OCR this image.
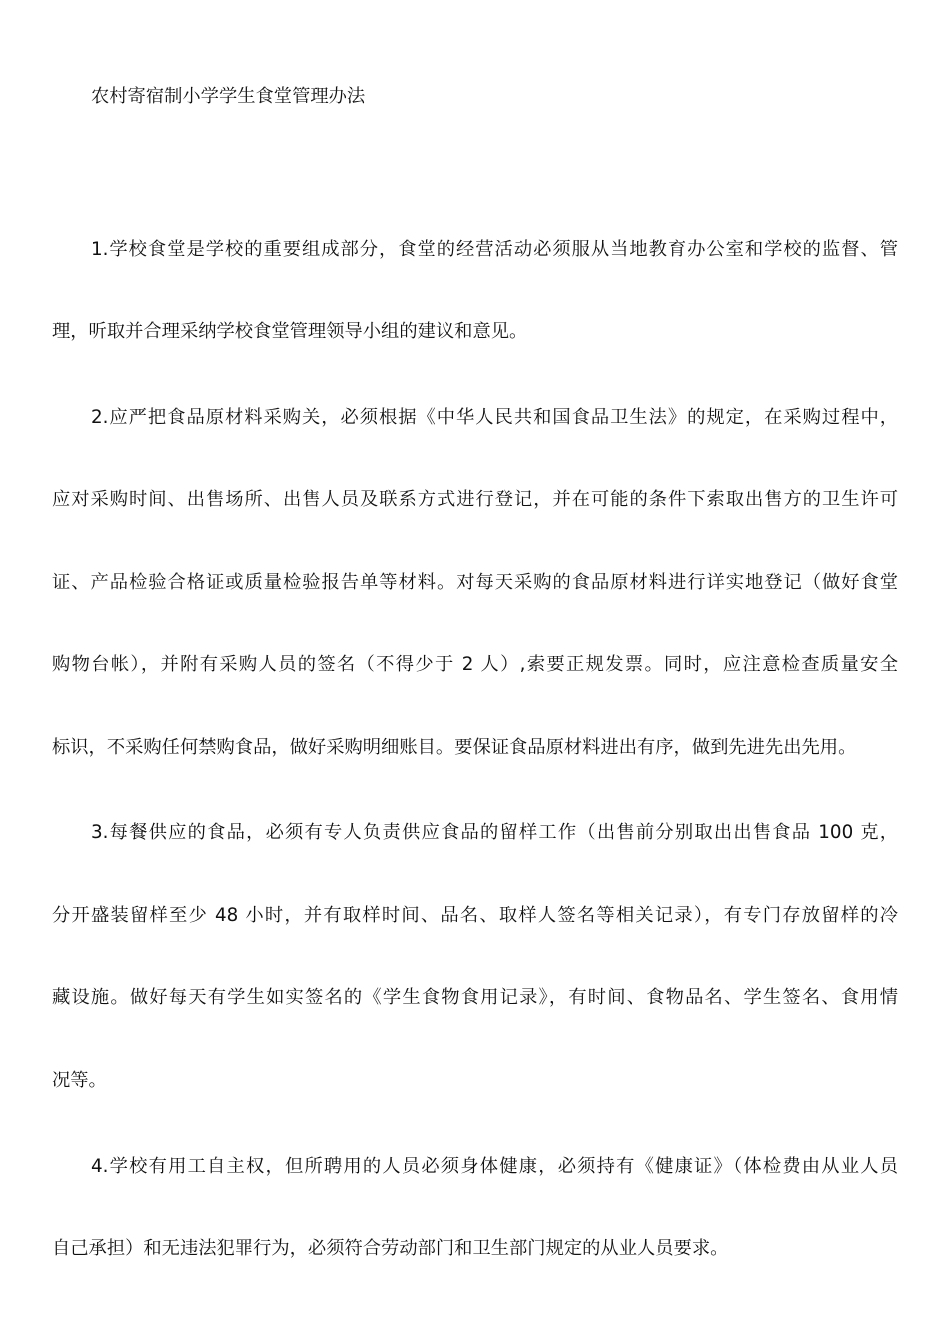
农村寄宿制小学学生食堂管理办法
1.学校食堂是学校的重要组成部分，食堂的经营活动必须服从当地教育办公室和学校的监督、管
理，听取并合理采纳学校食堂管理领导小组的建议和意见。
2.应严把食品原材料采购关，必须根据《中华人民共和国食品卫生法》的规定，在采购过程中，
应对采购时间、出售场所、出售人员及联系方式进行登记，并在可能的条件下索取出售方的卫生许可
证、产品检验合格证或质量检验报告单等材料。对每天采购的食品原材料进行详实地登记（做好食堂
购物台帐），并附有采购人员的签名（不得少于 2 人）,索要正规发票。同时，应注意检查质量安全
标识，不采购任何禁购食品，做好采购明细账目。要保证食品原材料进出有序，做到先进先出先用。
3.每餐供应的食品，必须有专人负责供应食品的留样工作（出售前分别取出出售食品 100 克，
分开盛装留样至少 48 小时，并有取样时间、品名、取样人签名等相关记录），有专门存放留样的冷
藏设施。做好每天有学生如实签名的《学生食物食用记录》，有时间、食物品名、学生签名、食用情
况等。
4.学校有用工自主权，但所聘用的人员必须身体健康，必须持有《健康证》（体检费由从业人员
自己承担）和无违法犯罪行为，必须符合劳动部门和卫生部门规定的从业人员要求。
